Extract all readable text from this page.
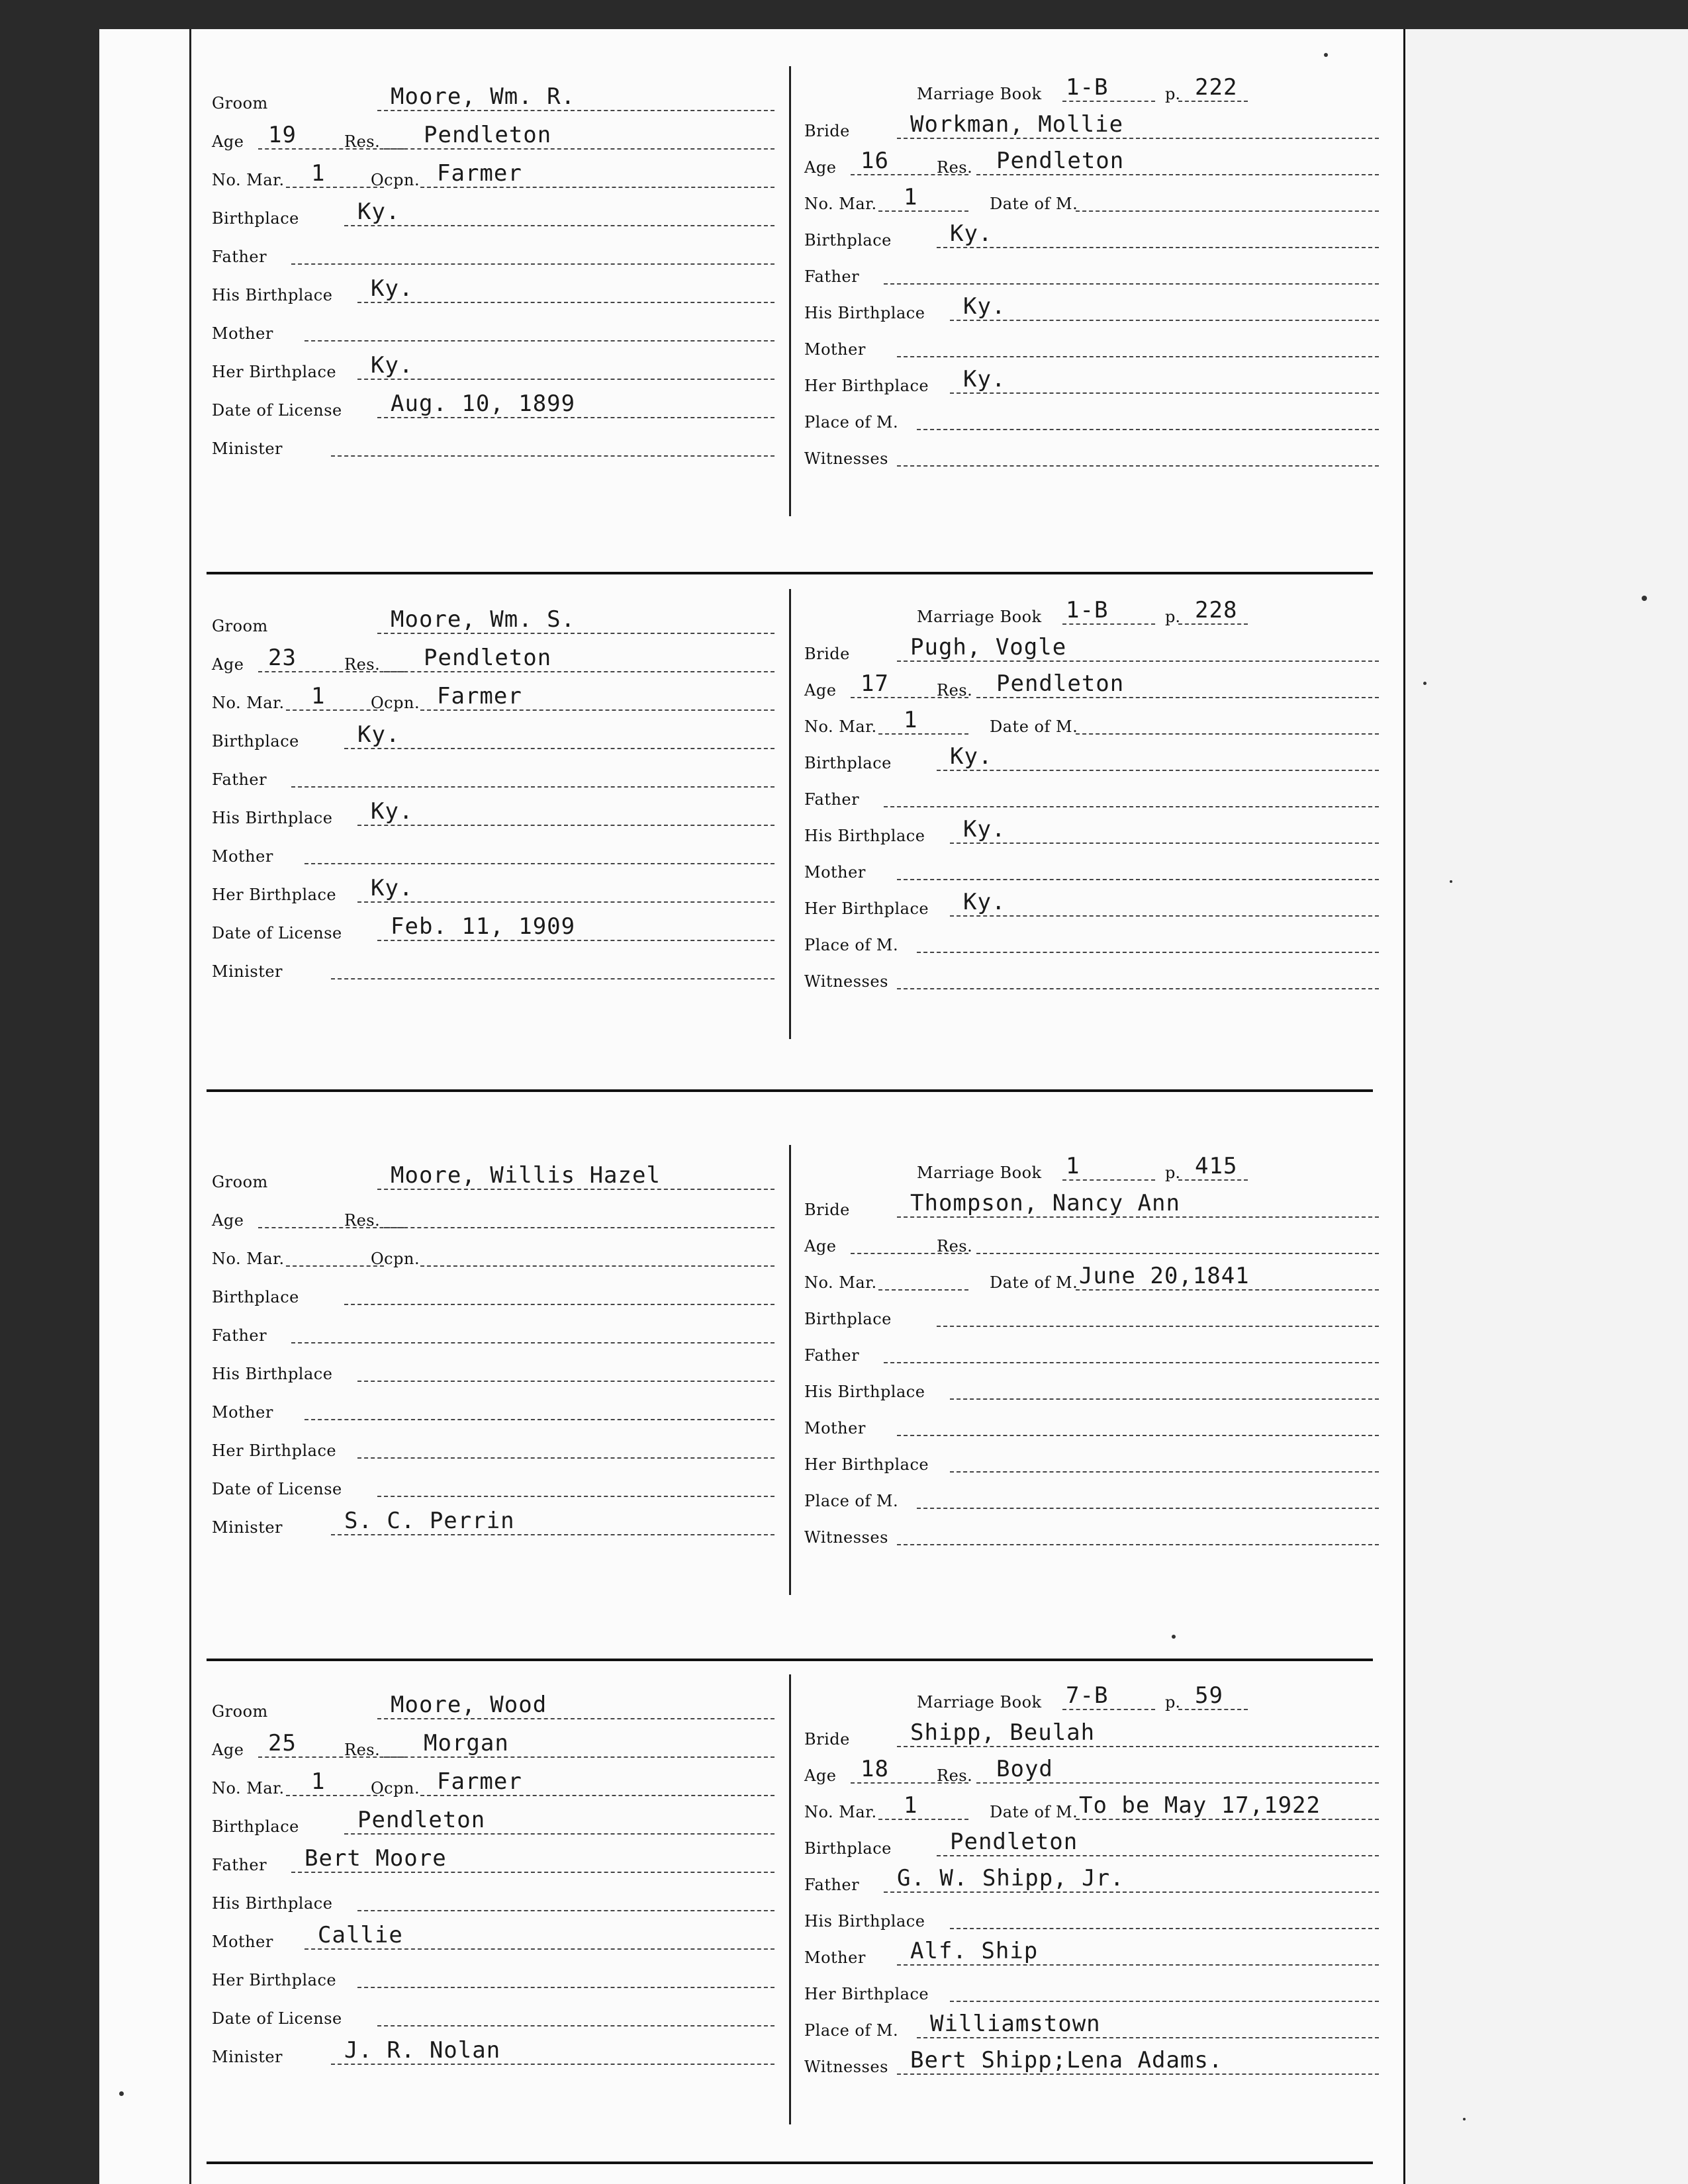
Groom	Moore, Wm. R.
Age 19	Res. Pendleton
No. Mar. 1	Ocpn. Farmer
Birthplace	Ky.
Father
His Birthplace Ky.
Mother
Her Birthplace Ky.
Date of License Aug. 10, 1899
Minister
Marriage Book 1-B	p. 222
Bride	Workman, Mollie
Age 16	Res. Pendleton
No. Mar. 1	Date of M.
Birthplace	Ky.
Father
His Birthplace Ky.
Mother
Her Birthplace Ky.
Place of M.
Witnesses
Groom	Moore, Wm. S.
Age 23	Res. Pendleton
No. Mar. 1	Ocpn. Farmer
Birthplace	Ky.
Father
His Birthplace Ky.
Mother
Her Birthplace Ky.
Date of License Feb. 11, 1909
Minister
Marriage Book 1-B	p. 228
Bride	Pugh, Vogle
Age 17	Res. Pendleton
No. Mar. 1	Date of M.
Birthplace	Ky.
Father
His Birthplace Ky.
Mother
Her Birthplace Ky.
Place of M.
Witnesses
Groom	Moore, Willis Hazel
Age	Res.
No. Mar.	Ocpn.
Birthplace
Father
His Birthplace
Mother
Her Birthplace
Date of License
Minister	S. C. Perrin
Marriage Book 1	p. 415
Bride	Thompson, Nancy Ann
Age	Res.
No. Mar.	Date of M. June 20,1841
Birthplace
Father
His Birthplace
Mother
Her Birthplace
Place of M.
Witnesses
Groom	Moore, Wood
Age 25	Res. Morgan
No. Mar. 1	Ocpn. Farmer
Birthplace	Pendleton
Father Bert Moore
His Birthplace
Mother Callie
Her Birthplace
Date of License
Minister	J. R. Nolan
Marriage Book 7-B	p. 59
Bride	Shipp, Beulah
Age 18	Res. Boyd
No. Mar. 1	Date of M. To be May 17,1922
Birthplace	Pendleton
Father G. W. Shipp, Jr.
His Birthplace
Mother Alf. Ship
Her Birthplace
Place of M. Williamstown
Witnesses Bert Shipp;Lena Adams.
